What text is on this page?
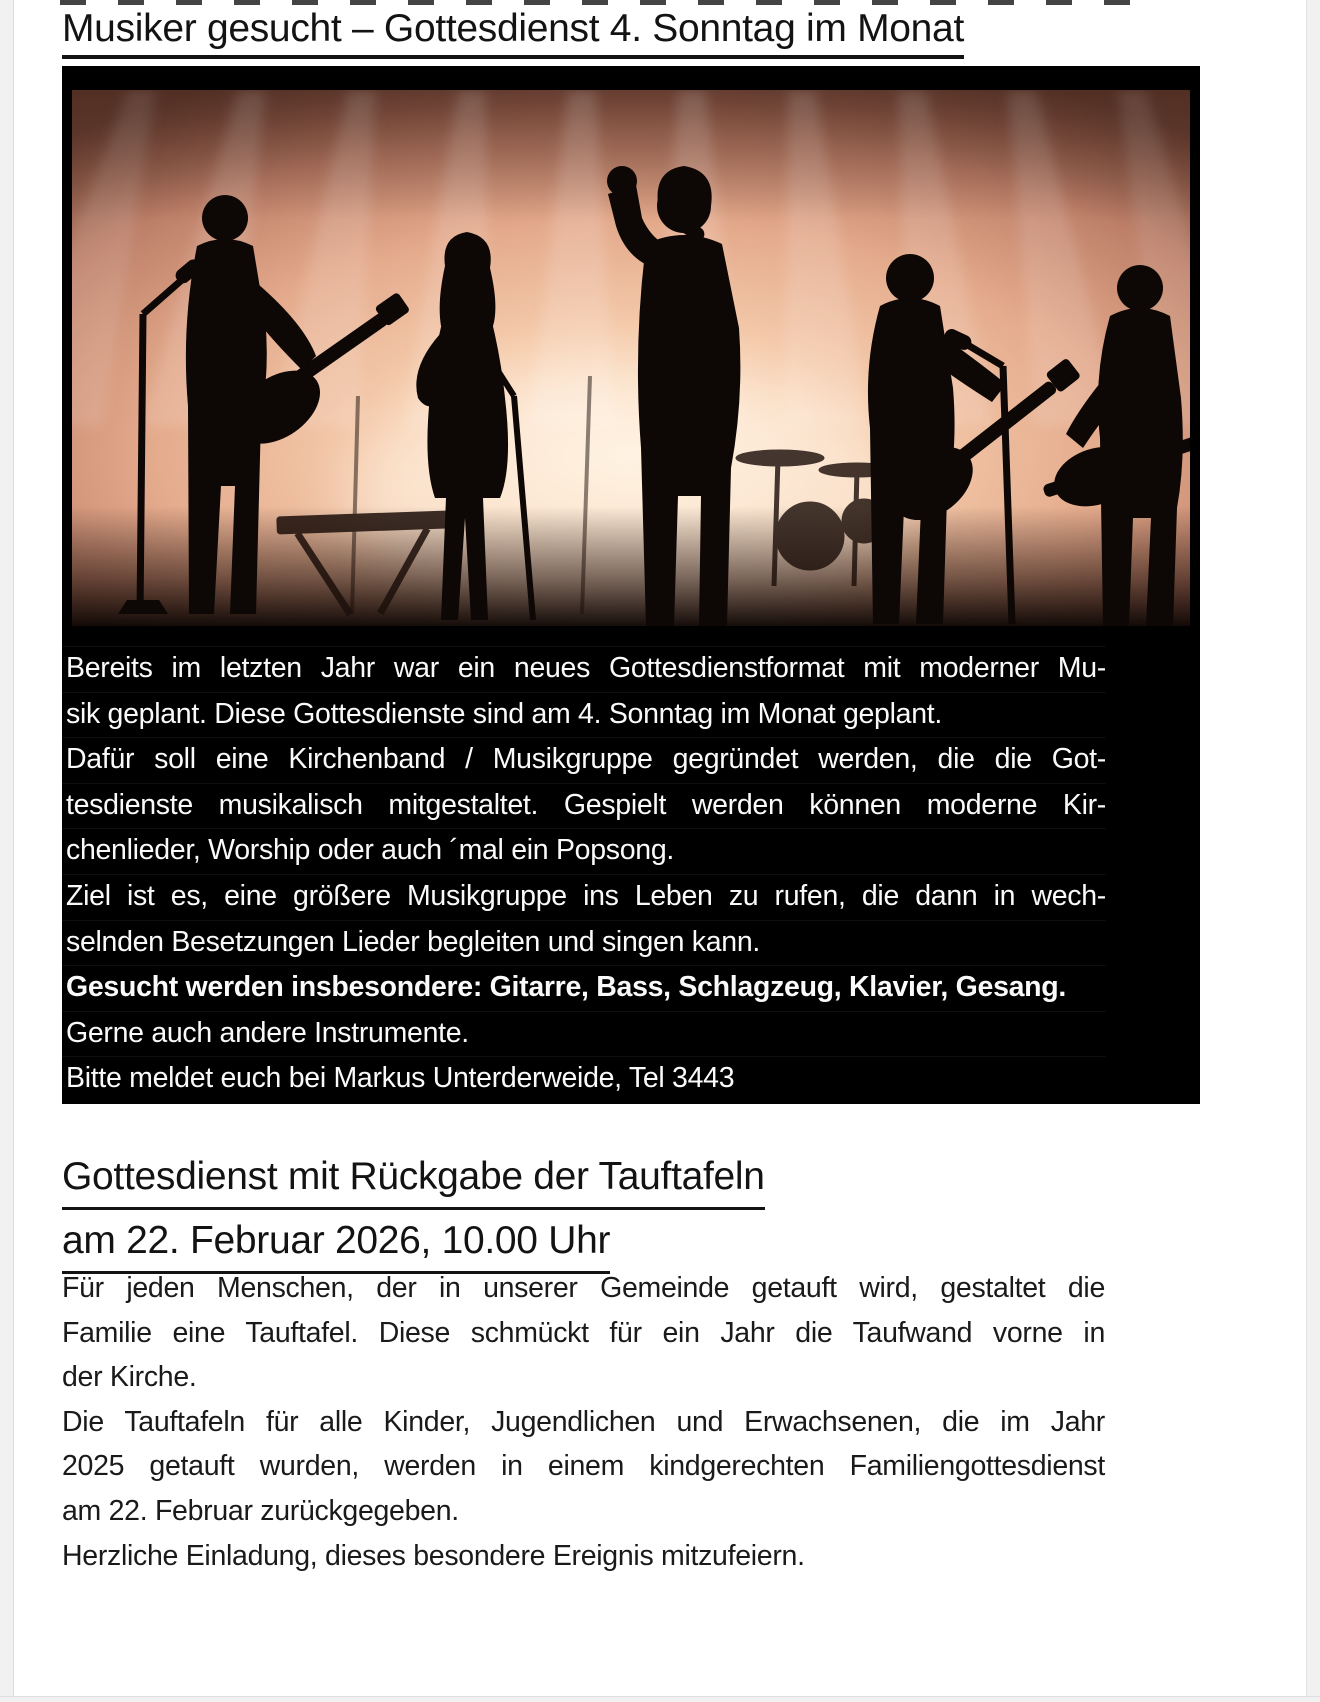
Musiker gesucht – Gottesdienst 4. Sonntag im Monat
Bereits im letzten Jahr war ein neues Gottesdienstformat mit moderner Mu-
sik geplant. Diese Gottesdienste sind am 4. Sonntag im Monat geplant.
Dafür soll eine Kirchenband / Musikgruppe gegründet werden, die die Got-
tesdienste musikalisch mitgestaltet. Gespielt werden können moderne Kir-
chenlieder, Worship oder auch ´mal ein Popsong.
Ziel ist es, eine größere Musikgruppe ins Leben zu rufen, die dann in wech-
selnden Besetzungen Lieder begleiten und singen kann.
Gesucht werden insbesondere: Gitarre, Bass, Schlagzeug, Klavier, Gesang.
Gerne auch andere Instrumente.
Bitte meldet euch bei Markus Unterderweide, Tel 3443
Gottesdienst mit Rückgabe der Tauftafeln
am 22. Februar 2026, 10.00 Uhr
Für jeden Menschen, der in unserer Gemeinde getauft wird, gestaltet die
Familie eine Tauftafel. Diese schmückt für ein Jahr die Taufwand vorne in
der Kirche.
Die Tauftafeln für alle Kinder, Jugendlichen und Erwachsenen, die im Jahr
2025 getauft wurden, werden in einem kindgerechten Familiengottesdienst
am 22. Februar zurückgegeben.
Herzliche Einladung, dieses besondere Ereignis mitzufeiern.
